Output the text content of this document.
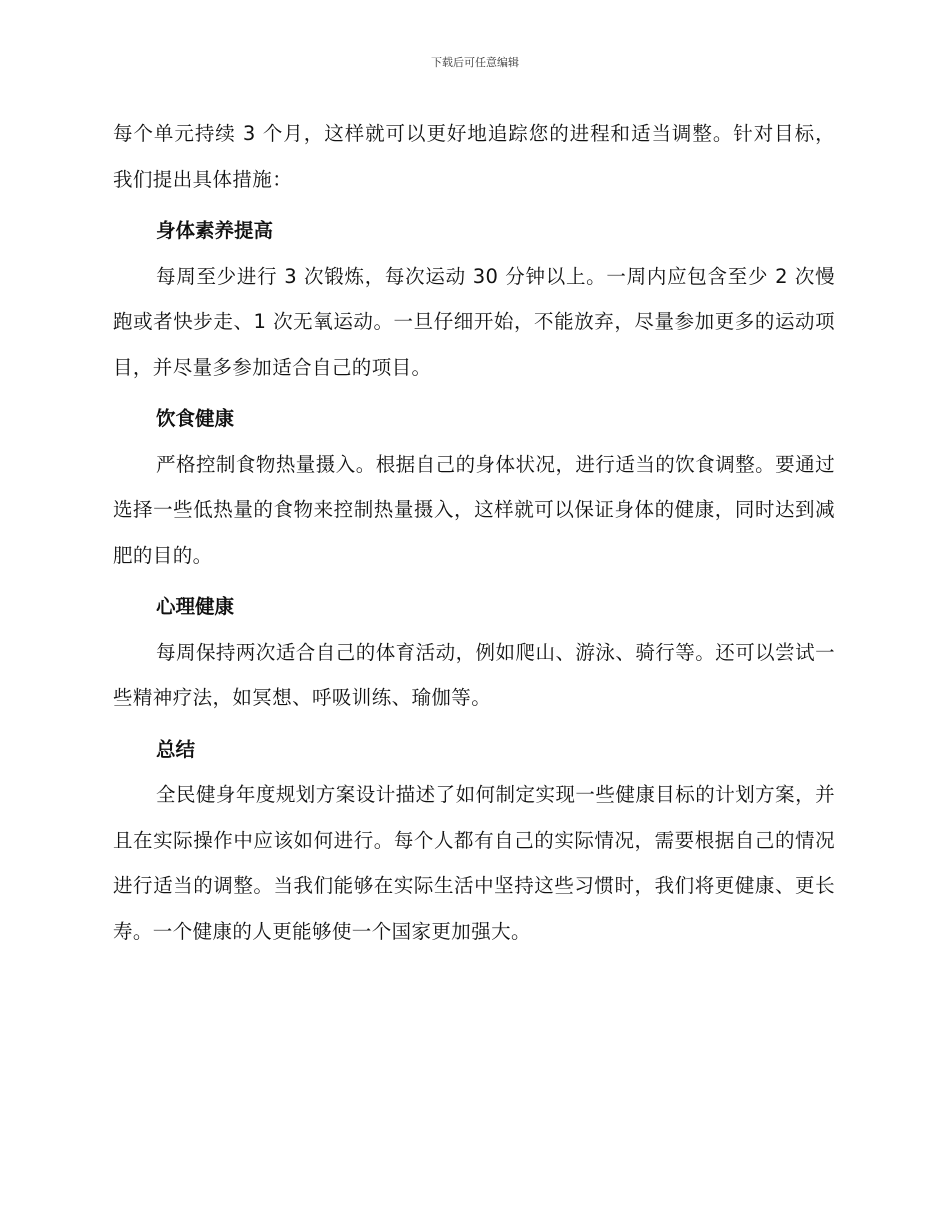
下载后可任意编辑

每个单元持续 3 个月，这样就可以更好地追踪您的进程和适当调整。针对目标，我们提出具体措施：

身体素养提高

每周至少进行 3 次锻炼，每次运动 30 分钟以上。一周内应包含至少 2 次慢跑或者快步走、1 次无氧运动。一旦仔细开始，不能放弃，尽量参加更多的运动项目，并尽量多参加适合自己的项目。

饮食健康

严格控制食物热量摄入。根据自己的身体状况，进行适当的饮食调整。要通过选择一些低热量的食物来控制热量摄入，这样就可以保证身体的健康，同时达到减肥的目的。

心理健康

每周保持两次适合自己的体育活动，例如爬山、游泳、骑行等。还可以尝试一些精神疗法，如冥想、呼吸训练、瑜伽等。

总结

全民健身年度规划方案设计描述了如何制定实现一些健康目标的计划方案，并且在实际操作中应该如何进行。每个人都有自己的实际情况，需要根据自己的情况进行适当的调整。当我们能够在实际生活中坚持这些习惯时，我们将更健康、更长寿。一个健康的人更能够使一个国家更加强大。
